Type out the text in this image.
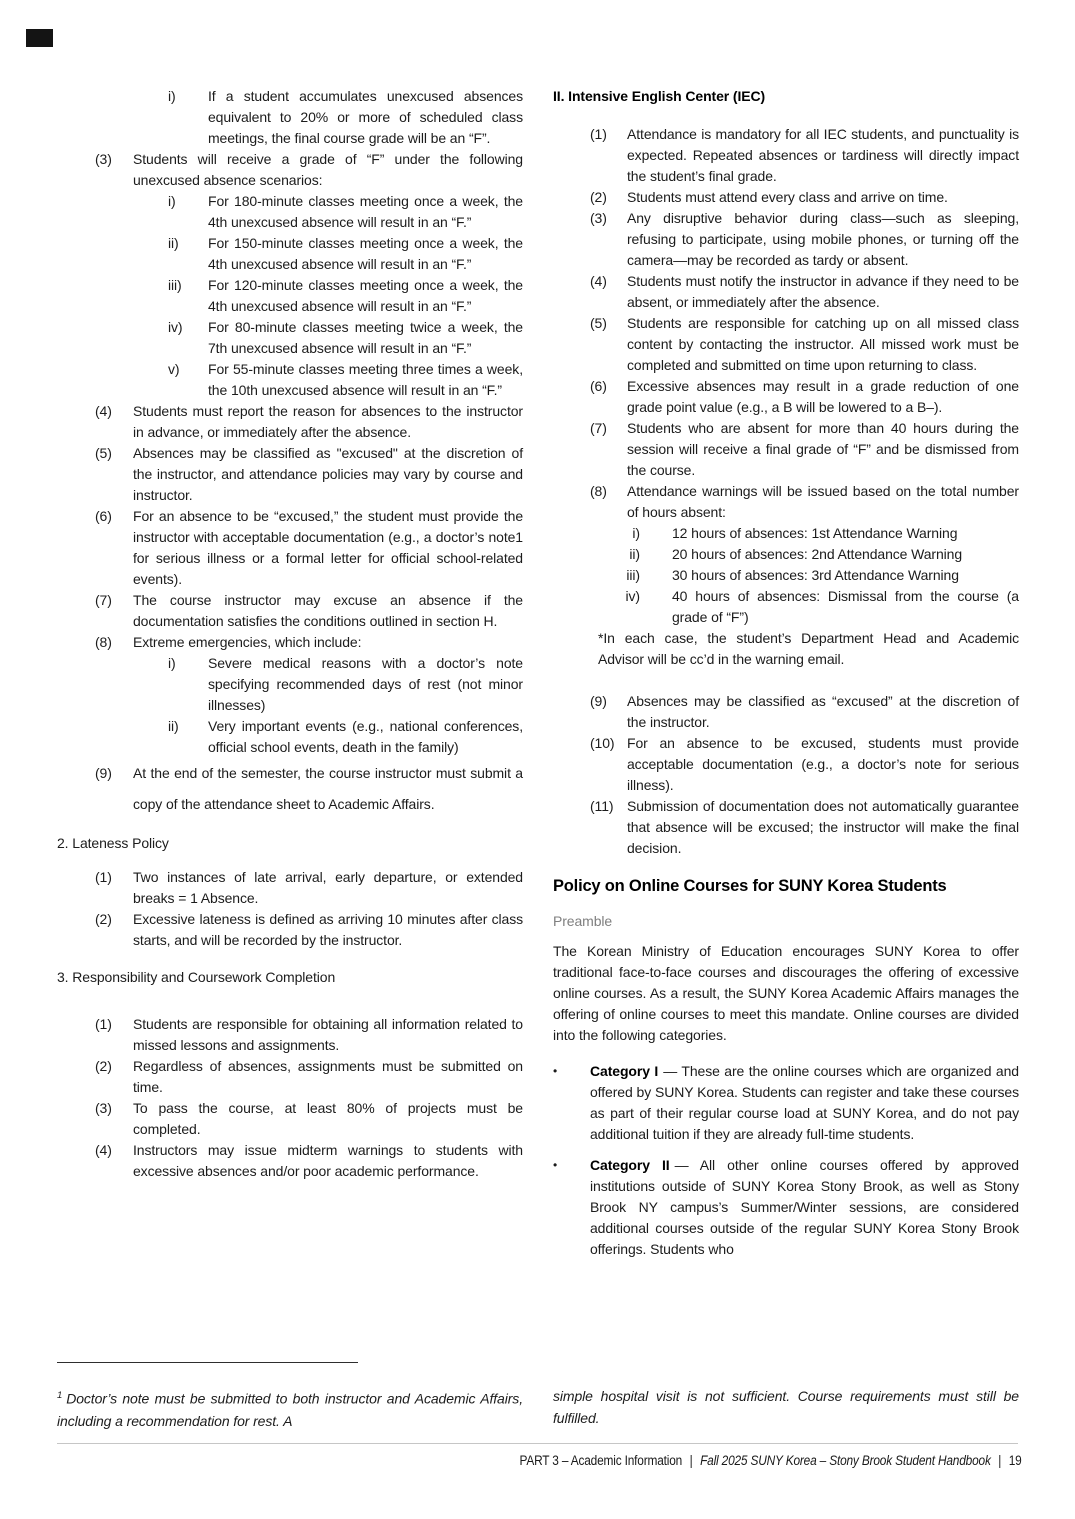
i)	If a student accumulates unexcused absences equivalent to 20% or more of scheduled class meetings, the final course grade will be an “F”.
(3)	Students will receive a grade of “F” under the following unexcused absence scenarios:
i)	For 180-minute classes meeting once a week, the 4th unexcused absence will result in an “F.”
ii)	For 150-minute classes meeting once a week, the 4th unexcused absence will result in an “F.”
iii)	For 120-minute classes meeting once a week, the 4th unexcused absence will result in an “F.”
iv)	For 80-minute classes meeting twice a week, the 7th unexcused absence will result in an “F.”
v)	For 55-minute classes meeting three times a week, the 10th unexcused absence will result in an “F.”
(4)	Students must report the reason for absences to the instructor in advance, or immediately after the absence.
(5)	Absences may be classified as "excused" at the discretion of the instructor, and attendance policies may vary by course and instructor.
(6)	For an absence to be “excused,” the student must provide the instructor with acceptable documentation (e.g., a doctor’s note1 for serious illness or a formal letter for official school-related events).
(7)	The course instructor may excuse an absence if the documentation satisfies the conditions outlined in section H.
(8)	Extreme emergencies, which include:
i)	Severe medical reasons with a doctor’s note specifying recommended days of rest (not minor illnesses)
ii)	Very important events (e.g., national conferences, official school events, death in the family)
(9)	At the end of the semester, the course instructor must submit a copy of the attendance sheet to Academic Affairs.
2. Lateness Policy
(1)	Two instances of late arrival, early departure, or extended breaks = 1 Absence.
(2)	Excessive lateness is defined as arriving 10 minutes after class starts, and will be recorded by the instructor.
3. Responsibility and Coursework Completion
(1)	Students are responsible for obtaining all information related to missed lessons and assignments.
(2)	Regardless of absences, assignments must be submitted on time.
(3)	To pass the course, at least 80% of projects must be completed.
(4)	Instructors may issue midterm warnings to students with excessive absences and/or poor academic performance.
II. Intensive English Center (IEC)
(1)	Attendance is mandatory for all IEC students, and punctuality is expected. Repeated absences or tardiness will directly impact the student’s final grade.
(2)	Students must attend every class and arrive on time.
(3)	Any disruptive behavior during class—such as sleeping, refusing to participate, using mobile phones, or turning off the camera—may be recorded as tardy or absent.
(4)	Students must notify the instructor in advance if they need to be absent, or immediately after the absence.
(5)	Students are responsible for catching up on all missed class content by contacting the instructor. All missed work must be completed and submitted on time upon returning to class.
(6)	Excessive absences may result in a grade reduction of one grade point value (e.g., a B will be lowered to a B–).
(7)	Students who are absent for more than 40 hours during the session will receive a final grade of “F” and be dismissed from the course.
(8)	Attendance warnings will be issued based on the total number of hours absent:
i) 12 hours of absences: 1st Attendance Warning
ii) 20 hours of absences: 2nd Attendance Warning
iii) 30 hours of absences: 3rd Attendance Warning
iv) 40 hours of absences: Dismissal from the course (a grade of “F”)
*In each case, the student’s Department Head and Academic Advisor will be cc’d in the warning email.
(9)	Absences may be classified as “excused” at the discretion of the instructor.
(10) For an absence to be excused, students must provide acceptable documentation (e.g., a doctor’s note for serious illness).
(11) Submission of documentation does not automatically guarantee that absence will be excused; the instructor will make the final decision.
Policy on Online Courses for SUNY Korea Students
Preamble
The Korean Ministry of Education encourages SUNY Korea to offer traditional face-to-face courses and discourages the offering of excessive online courses. As a result, the SUNY Korea Academic Affairs manages the offering of online courses to meet this mandate. Online courses are divided into the following categories.
•	Category I — These are the online courses which are organized and offered by SUNY Korea. Students can register and take these courses as part of their regular course load at SUNY Korea, and do not pay additional tuition if they are already full-time students.
•	Category II — All other online courses offered by approved institutions outside of SUNY Korea Stony Brook, as well as Stony Brook NY campus’s Summer/Winter sessions, are considered additional courses outside of the regular SUNY Korea Stony Brook offerings. Students who
$^1$ Doctor’s note must be submitted to both instructor and Academic Affairs, including a recommendation for rest. A
simple hospital visit is not sufficient. Course requirements must still be fulfilled.
PART 3 – Academic Information | Fall 2025 SUNY Korea – Stony Brook Student Handbook | 19
